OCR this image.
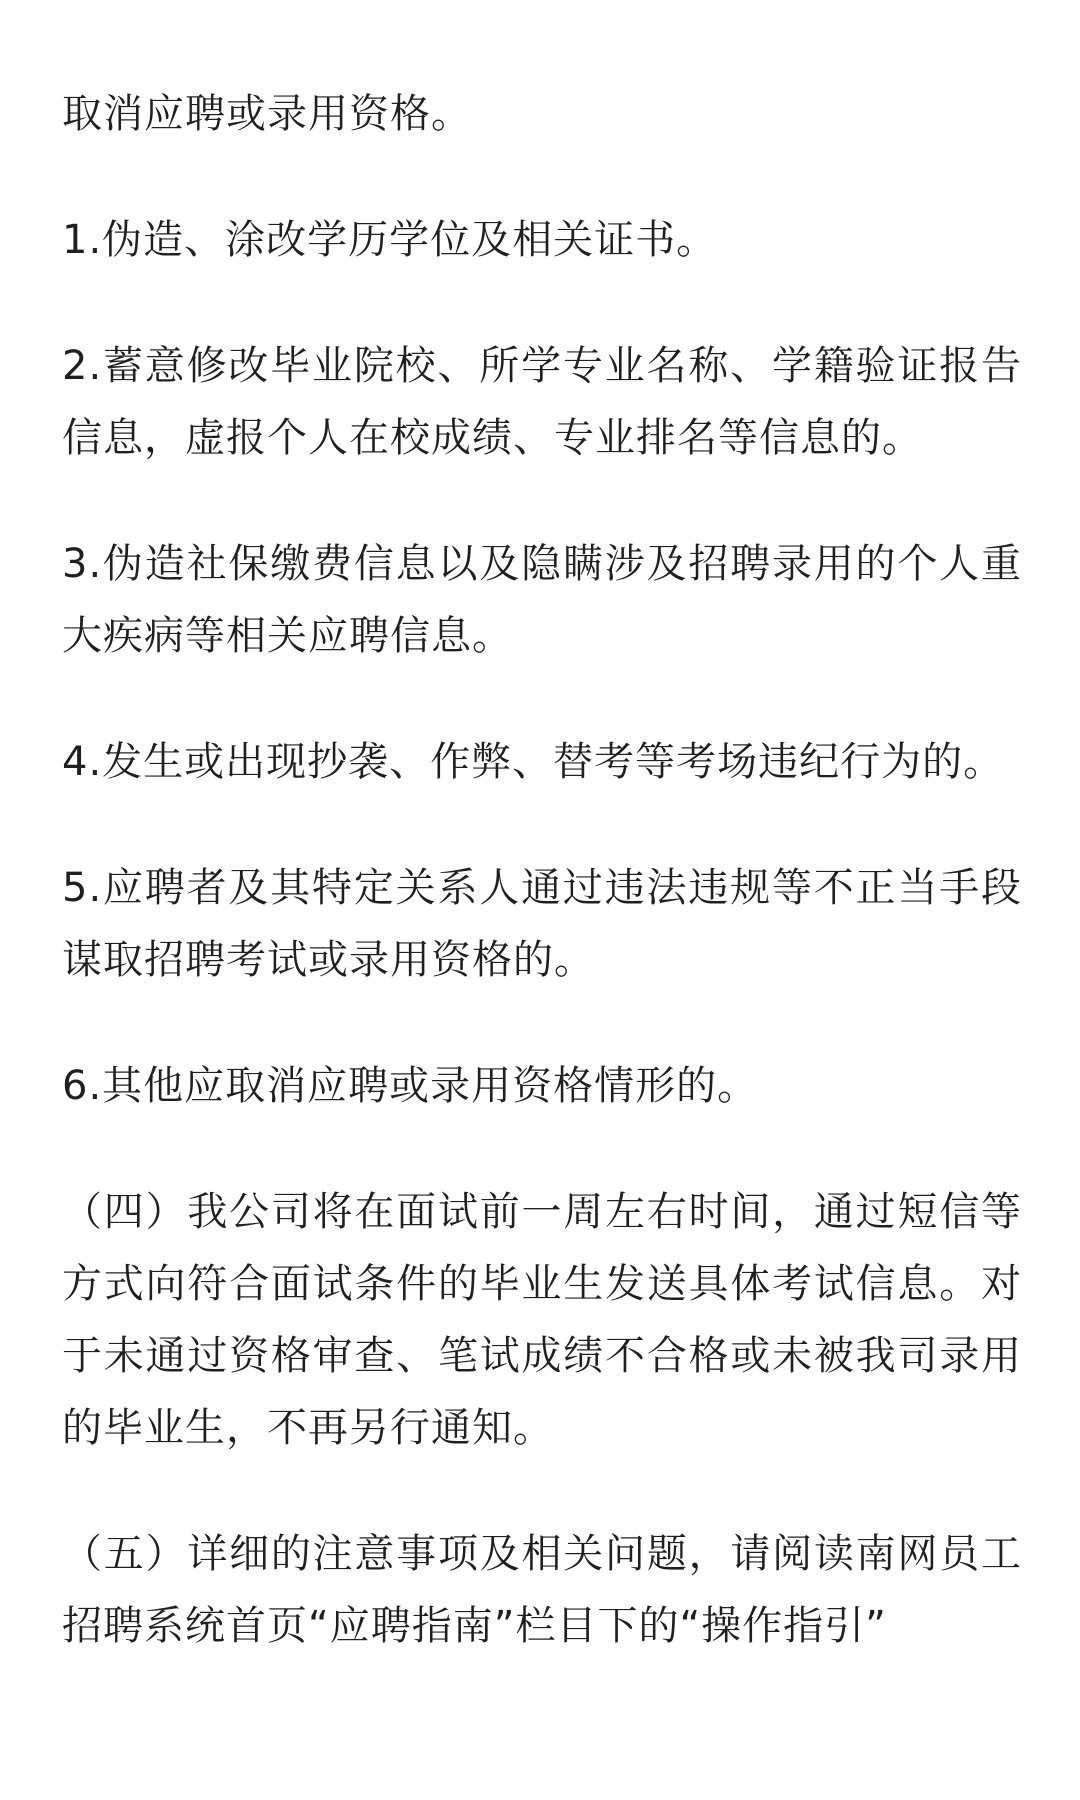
取消应聘或录用资格。

1.伪造、涂改学历学位及相关证书。

2.蓄意修改毕业院校、所学专业名称、学籍验证报告信息，虚报个人在校成绩、专业排名等信息的。

3.伪造社保缴费信息以及隐瞒涉及招聘录用的个人重大疾病等相关应聘信息。

4.发生或出现抄袭、作弊、替考等考场违纪行为的。

5.应聘者及其特定关系人通过违法违规等不正当手段谋取招聘考试或录用资格的。

6.其他应取消应聘或录用资格情形的。

（四）我公司将在面试前一周左右时间，通过短信等方式向符合面试条件的毕业生发送具体考试信息。对于未通过资格审查、笔试成绩不合格或未被我司录用的毕业生，不再另行通知。

（五）详细的注意事项及相关问题，请阅读南网员工招聘系统首页“应聘指南”栏目下的“操作指引”
